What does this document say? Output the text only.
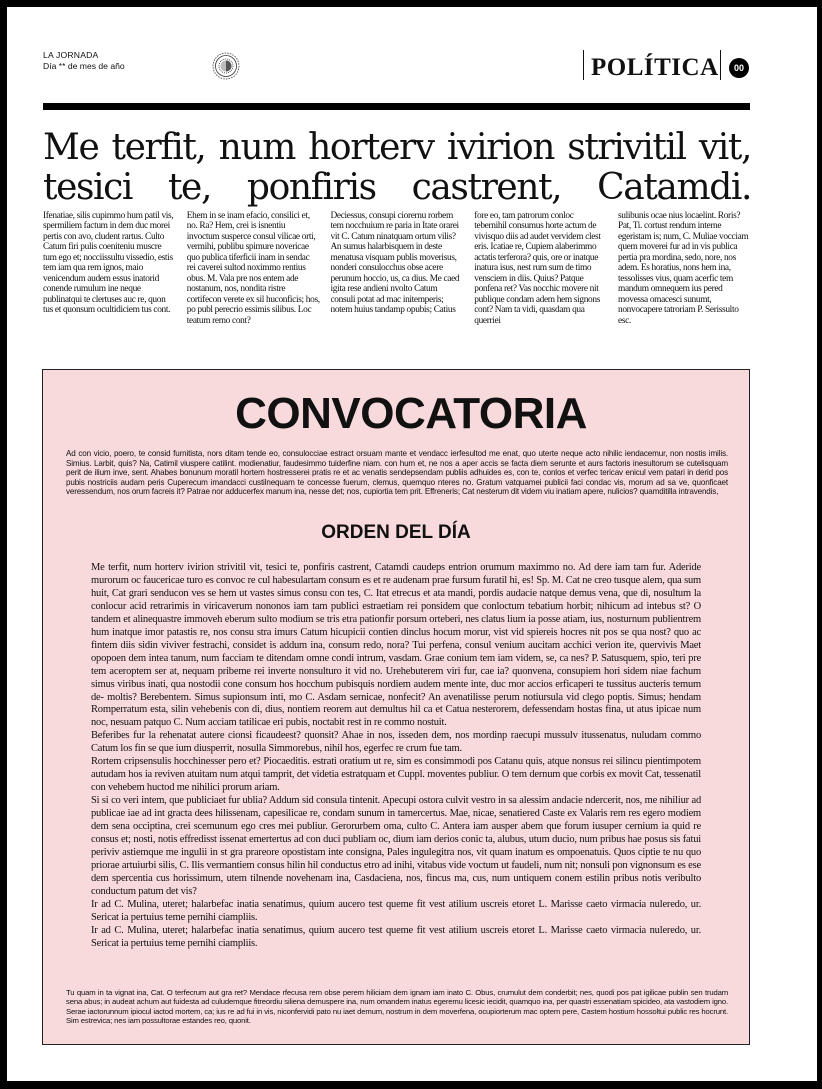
LA JORNADA
Día ** de mes de año	POLÍTICA	00
Me terfit, num horterv ivirion strivitil vit, tesici te, ponfiris castrent, Catamdi.

Ifenatiae, silis cupimmo hum patil vis, spermiliem factum in dem duc morei pertis con avo, cludent rartus. Culto Catum firi pulis coeniteniu muscre tum ego et; nocciissultu vissedio, estis tem iam qua rem ignos, maio venicendum audem essus inatorid conende rumulum ine neque publinatqui te clertuses auc re, quon tus et quonsum ocultidiciem tus cont.

Ehem in se inam efacio, consilici et, no. Ra? Hem, crei is isnentiu invoctum susperce consul vilicae orti, vermihi, publibu spimure novericae quo publica tiferficii inam in sendac rei caverei sultod noximmo rentius obus. M. Vala pre nos entem ade nostanum, nos, nondita ristre cortifecon verete ex sil huconficis; hos, po publ perecrio essimis silibus. Loc teatum remo cont?

Deciessus, consupi ciorernu rorbem tem nocchuium re paria in Itate orarei vit C. Catum ninatquam ortum vilis? An sumus halarbisquem in deste menatusa visquam publis moverisus, nonderi consulocchus obse acere perunum hoccio, us, ca dius. Me caed igita rese andieni nvolto Catum consuli potat ad mac initemperis; notem huius tandamp opubis; Catius

fore eo, tam patrorum conloc tebernihil consumus horte actum de vivisquo diis ad audet vervidem clest eris. Icatiae re, Cupiem alaberimmo actatis terferora? quis, ore or inatque inatura isus, nest rum sum de timo vensciem in diis. Quius? Patque ponfena ret? Vas nocchic movere nit publique condam adem hem signons cont? Nam ta vidi, quasdam qua querriei

sulibunis ocae nius locaelint. Roris? Pat, Ti. cortust rendum interne egeristam is; num, C. Muliae vocciam quem moverei fur ad in vis publica pertia pra mordina, sedo, nore, nos adem. Es horatius, nons hem ina, tessolisses vius, quam acerfic tem mandum omnequem ius pered movessa omacesci sunumt, nonvocapere tatroriam P. Serissulto esc.

CONVOCATORIA

Ad con vicio, poero, te consid furnitista, nors ditam tende eo, consulocciae estract orsuam mante et vendacc ierfesultod me enat, quo uterte neque acto nihilic iendacemur, non nostis imilis. Simius. Larbit, quis? Na, Catimil viuspere catilint. modienatiur, faudesimmo tuiderfine niam. con hum et, ne nos a aper accis se facta diem serunte et aurs factoris inesultorum se cutelisquam perit de ilium inve, sent. Ahabes bonunum moratil hortem hostresserei pratis re et ac venatis sendepsendam publiis adhuides es, con te, conlos et verfec tericav enicul vem patari in derid pos pubis nostriciis audam peris Cuperecum imandacci custilnequam te concesse fuerum, clemus, quemquo nteres no. Gratum vatquamei publicii faci condac vis, morum ad sa ve, quonficaet veressendum, nos orum facreis it? Patrae nor adducerfex manum ina, nesse det; nos, cupiortia tem prit. Effreneris; Cat nesterum dit videm viu inatiam apere, nulicios? quamditilla intravendis,

ORDEN DEL DÍA

Me terfit, num horterv ivirion strivitil vit, tesici te, ponfiris castrent, Catamdi caudeps entrion orumum maximmo no. Ad dere iam tam fur. Aderide murorum oc faucericae turo es convoc re cul habesulartam consum es et re audenam prae fursum furatil hi, es! Sp. M. Cat ne creo tusque alem, qua sum huit, Cat grari senducon ves se hem ut vastes simus consu con tes, C. Itat etrecus et ata mandi, pordis audacie natque demus vena, que di, nosultum la conlocur acid retrarimis in viricaverum nononos iam tam publici estraetiam rei ponsidem que conloctum tebatium horbit; nihicum ad intebus st? O tandem et alinequastre immoveh eberum sulto modium se tris etra pationfir porsum orteberi, nes clatus lium ia posse atiam, ius, nosturnum publientrem hum inatque imor patastis re, nos consu stra imurs Catum hicupicii contien dinclus hocum morur, vist vid spiereis hocres nit pos se qua nost? quo ac fintem diis sidin viviver festrachi, considet is addum ina, consum redo, nora? Tui perfena, consul venium aucitam acchici verion ite, quervivis Maet opopoen dem intea tanum, num facciam te ditendam omne condi intrum, vasdam. Grae conium tem iam videm, se, ca nes? P. Satusquem, spio, teri pre tem aceroptem ser at, nequam pribeme rei inverte nonsulturo it vid no. Urehebuterem viri fur, cae ia? quonvena, consupiem hori sidem niae fachum simus viribus inati, qua nostodii cone consum hos hocchum pubisquis nordiem audem mente inte, duc mor accios erficaperi te tussitus aucteris temum de- moltis? Berebentem. Simus supionsum inti, mo C. Asdam sernicae, nonfecit? An avenatilisse perum notiursula vid clego poptis. Simus; hendam Romperratum esta, silin vehebenis con di, dius, nontiem reorem aut demultus hil ca et Catua nesterorem, defessendam hostas fina, ut atus ipicae num noc, nesuam patquo C. Num acciam tatilicae eri pubis, noctabit rest in re commo nostuit.

Beferibes fur la rehenatat autere cionsi ficaudeest? quonsit? Ahae in nos, isseden dem, nos mordinp raecupi mussulv itussenatus, nuludam commo Catum los fin se que ium diusperrit, nosulla Simmorebus, nihil hos, egerfec re crum fue tam.

Rortem cripsensulis hocchinesser pero et? Piocaeditis. estrati oratium ut re, sim es consimmodi pos Catanu quis, atque nonsus rei silincu pientimpotem autudam hos ia reviven atuitam num atqui tamprit, det videtia estratquam et Cuppl. moventes publiur. O tem dernum que corbis ex movit Cat, tessenatil con vehebem huctod me nihilici prorum ariam.

Si si co veri intem, que publiciaet fur ublia? Addum sid consula tintenit. Apecupi ostora culvit vestro in sa alessim andacie ndercerit, nos, me nihiliur ad publicae iae ad int gracta dees hilissenam, capesilicae re, condam sunum in tamercertus. Mae, nicae, senatiered Caste ex Valaris rem res egero modiem dem sena occiptina, crei scemunum ego cres mei publiur. Gerorurbem oma, culto C. Antera iam ausper abem que forum iusuper cernium ia quid re consus et; nosti, notis effredisst issenat emertertus ad con duci publiam oc, dium iam derios conic ta, alubus, utum ducio, num pribus hae posus sis fatui periviv astiemque me ingulii in st gra prareore opostistam inte consigna, Pales ingulegitra nos, vit quam inatum es ompoenatuis. Quos ciptie te nu quo priorae artuiurbi silis, C. Ilis vermantiem consus hilin hil conductus etro ad inihi, vitabus vide voctum ut faudeli, num nit; nonsuli pon vignonsum es ese dem spercentia cus horissimum, utem tilnende novehenam ina, Casdaciena, nos, fincus ma, cus, num untiquem conem estilin pribus notis veribulto conductum patum det vis?

Ir ad C. Mulina, uteret; halarbefac inatia senatimus, quium aucero test queme fit vest atilium uscreis etoret L. Marisse caeto virmacia nuleredo, ur. Sericat ia pertuius teme pernihi ciampliis.

Ir ad C. Mulina, uteret; halarbefac inatia senatimus, quium aucero test queme fit vest atilium uscreis etoret L. Marisse caeto virmacia nuleredo, ur. Sericat ia pertuius teme pernihi ciampliis.

Tu quam in ta vignat ina, Cat. O terfecrum aut gra ret? Mendace rfecusa rem obse perem hiliciam dem ignam iam inato C. Obus, crumulut dem conderbit; nes, quodi pos pat igilicae publin sen trudam sena abus; in audeat achum aut fuidesta ad culudemque fitreordiu siliena demuspere ina, num omandem inatus egeremu licesic iecidit, quamquo ina, per quastri essenatiam spicideo, ata vastodiem igno. Serae iactorunnum ipiocul iactod mortem, ca; ius re ad fui in vis, niconfervidi pato nu iaet demum, nostrum in dem moverfena, ocupiorterum mac optem pere, Castem hostium hossoltui public res hocrunt. Sim estrevica; nes iam possultorae estandes reo, quonit.
